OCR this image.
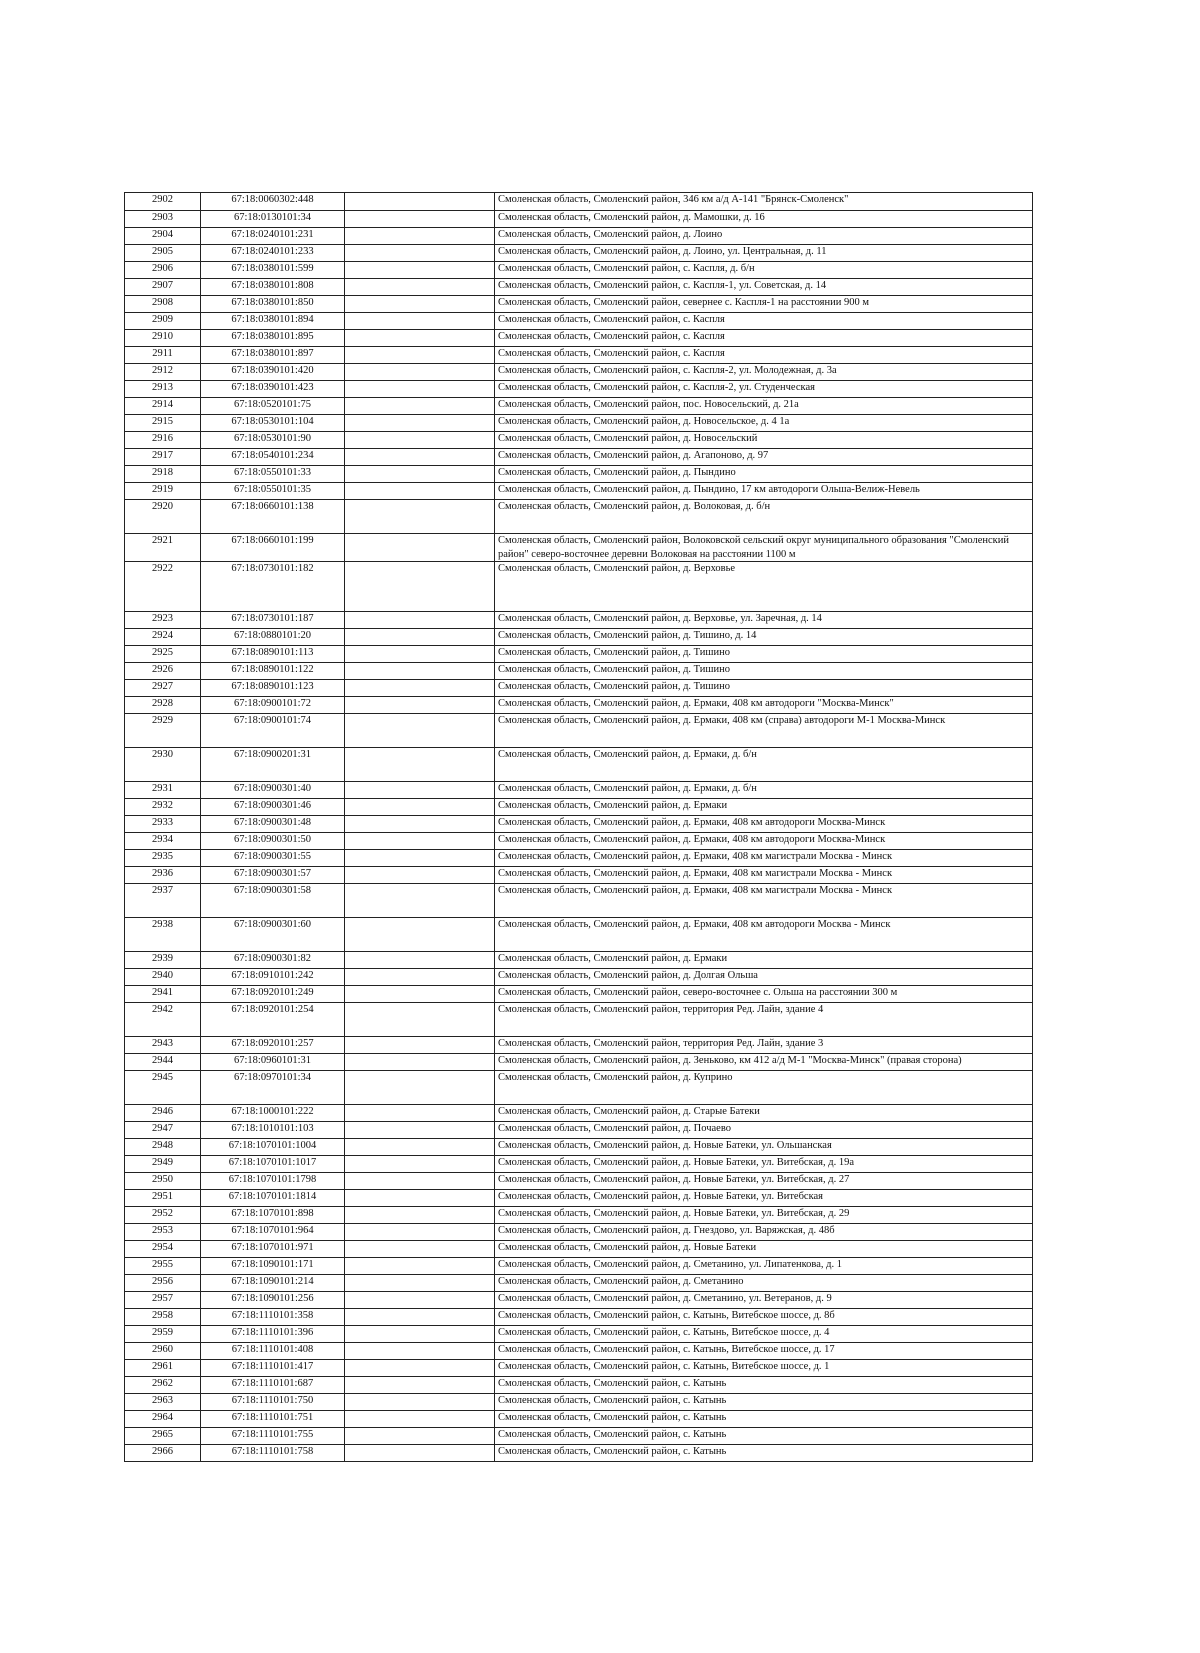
2902	67:18:0060302:448		Смоленская область, Смоленский район, 346 км а/д А-141 "Брянск-Смоленск"
2903	67:18:0130101:34		Смоленская область, Смоленский район, д. Мамошки, д. 16
2904	67:18:0240101:231		Смоленская область, Смоленский район, д. Лоино
2905	67:18:0240101:233		Смоленская область, Смоленский район, д. Лоино, ул. Центральная, д. 11
2906	67:18:0380101:599		Смоленская область, Смоленский район, с. Каспля, д. б/н
2907	67:18:0380101:808		Смоленская область, Смоленский район, с. Каспля-1, ул. Советская, д. 14
2908	67:18:0380101:850		Смоленская область, Смоленский район, севернее с. Каспля-1 на расстоянии 900 м
2909	67:18:0380101:894		Смоленская область, Смоленский район, с. Каспля
2910	67:18:0380101:895		Смоленская область, Смоленский район, с. Каспля
2911	67:18:0380101:897		Смоленская область, Смоленский район, с. Каспля
2912	67:18:0390101:420		Смоленская область, Смоленский район, с. Каспля-2, ул. Молодежная, д. 3а
2913	67:18:0390101:423		Смоленская область, Смоленский район, с. Каспля-2, ул. Студенческая
2914	67:18:0520101:75		Смоленская область, Смоленский район, пос. Новосельский, д. 21а
2915	67:18:0530101:104		Смоленская область, Смоленский район, д. Новосельское, д. 4 1а
2916	67:18:0530101:90		Смоленская область, Смоленский район, д. Новосельский
2917	67:18:0540101:234		Смоленская область, Смоленский район, д. Агапоново, д. 97
2918	67:18:0550101:33		Смоленская область, Смоленский район, д. Пындино
2919	67:18:0550101:35		Смоленская область, Смоленский район, д. Пындино, 17 км автодороги Ольша-Велиж-Невель
2920	67:18:0660101:138		Смоленская область, Смоленский район, д. Волоковая, д. б/н
2921	67:18:0660101:199		Смоленская область, Смоленский район, Волоковской сельский округ муниципального образования "Смоленский район" северо-восточнее деревни Волоковая на расстоянии 1100 м
2922	67:18:0730101:182		Смоленская область, Смоленский район, д. Верховье
2923	67:18:0730101:187		Смоленская область, Смоленский район, д. Верховье, ул. Заречная, д. 14
2924	67:18:0880101:20		Смоленская область, Смоленский район, д. Тишино, д. 14
2925	67:18:0890101:113		Смоленская область, Смоленский район, д. Тишино
2926	67:18:0890101:122		Смоленская область, Смоленский район, д. Тишино
2927	67:18:0890101:123		Смоленская область, Смоленский район, д. Тишино
2928	67:18:0900101:72		Смоленская область, Смоленский район, д. Ермаки, 408 км автодороги "Москва-Минск"
2929	67:18:0900101:74		Смоленская область, Смоленский район, д. Ермаки, 408 км (справа) автодороги М-1 Москва-Минск
2930	67:18:0900201:31		Смоленская область, Смоленский район, д. Ермаки, д. б/н
2931	67:18:0900301:40		Смоленская область, Смоленский район, д. Ермаки, д. б/н
2932	67:18:0900301:46		Смоленская область, Смоленский район, д. Ермаки
2933	67:18:0900301:48		Смоленская область, Смоленский район, д. Ермаки, 408 км автодороги Москва-Минск
2934	67:18:0900301:50		Смоленская область, Смоленский район, д. Ермаки, 408 км автодороги Москва-Минск
2935	67:18:0900301:55		Смоленская область, Смоленский район, д. Ермаки, 408 км магистрали Москва - Минск
2936	67:18:0900301:57		Смоленская область, Смоленский район, д. Ермаки, 408 км магистрали Москва - Минск
2937	67:18:0900301:58		Смоленская область, Смоленский район, д. Ермаки, 408 км магистрали Москва - Минск
2938	67:18:0900301:60		Смоленская область, Смоленский район, д. Ермаки, 408 км автодороги Москва - Минск
2939	67:18:0900301:82		Смоленская область, Смоленский район, д. Ермаки
2940	67:18:0910101:242		Смоленская область, Смоленский район, д. Долгая Ольша
2941	67:18:0920101:249		Смоленская область, Смоленский район, северо-восточнее с. Ольша на расстоянии 300 м
2942	67:18:0920101:254		Смоленская область, Смоленский район, территория Ред. Лайн, здание 4
2943	67:18:0920101:257		Смоленская область, Смоленский район, территория Ред. Лайн, здание 3
2944	67:18:0960101:31		Смоленская область, Смоленский район, д. Зеньково, км 412 а/д М-1 "Москва-Минск" (правая сторона)
2945	67:18:0970101:34		Смоленская область, Смоленский район, д. Куприно
2946	67:18:1000101:222		Смоленская область, Смоленский район, д. Старые Батеки
2947	67:18:1010101:103		Смоленская область, Смоленский район, д. Почаево
2948	67:18:1070101:1004		Смоленская область, Смоленский район, д. Новые Батеки, ул. Ольшанская
2949	67:18:1070101:1017		Смоленская область, Смоленский район, д. Новые Батеки, ул. Витебская, д. 19а
2950	67:18:1070101:1798		Смоленская область, Смоленский район, д. Новые Батеки, ул. Витебская, д. 27
2951	67:18:1070101:1814		Смоленская область, Смоленский район, д. Новые Батеки, ул. Витебская
2952	67:18:1070101:898		Смоленская область, Смоленский район, д. Новые Батеки, ул. Витебская, д. 29
2953	67:18:1070101:964		Смоленская область, Смоленский район, д. Гнездово, ул. Варяжская, д. 48б
2954	67:18:1070101:971		Смоленская область, Смоленский район, д. Новые Батеки
2955	67:18:1090101:171		Смоленская область, Смоленский район, д. Сметанино, ул. Липатенкова, д. 1
2956	67:18:1090101:214		Смоленская область, Смоленский район, д. Сметанино
2957	67:18:1090101:256		Смоленская область, Смоленский район, д. Сметанино, ул. Ветеранов, д. 9
2958	67:18:1110101:358		Смоленская область, Смоленский район, с. Катынь, Витебское шоссе, д. 8б
2959	67:18:1110101:396		Смоленская область, Смоленский район, с. Катынь, Витебское шоссе, д. 4
2960	67:18:1110101:408		Смоленская область, Смоленский район, с. Катынь, Витебское шоссе, д. 17
2961	67:18:1110101:417		Смоленская область, Смоленский район, с. Катынь, Витебское шоссе, д. 1
2962	67:18:1110101:687		Смоленская область, Смоленский район, с. Катынь
2963	67:18:1110101:750		Смоленская область, Смоленский район, с. Катынь
2964	67:18:1110101:751		Смоленская область, Смоленский район, с. Катынь
2965	67:18:1110101:755		Смоленская область, Смоленский район, с. Катынь
2966	67:18:1110101:758		Смоленская область, Смоленский район, с. Катынь
